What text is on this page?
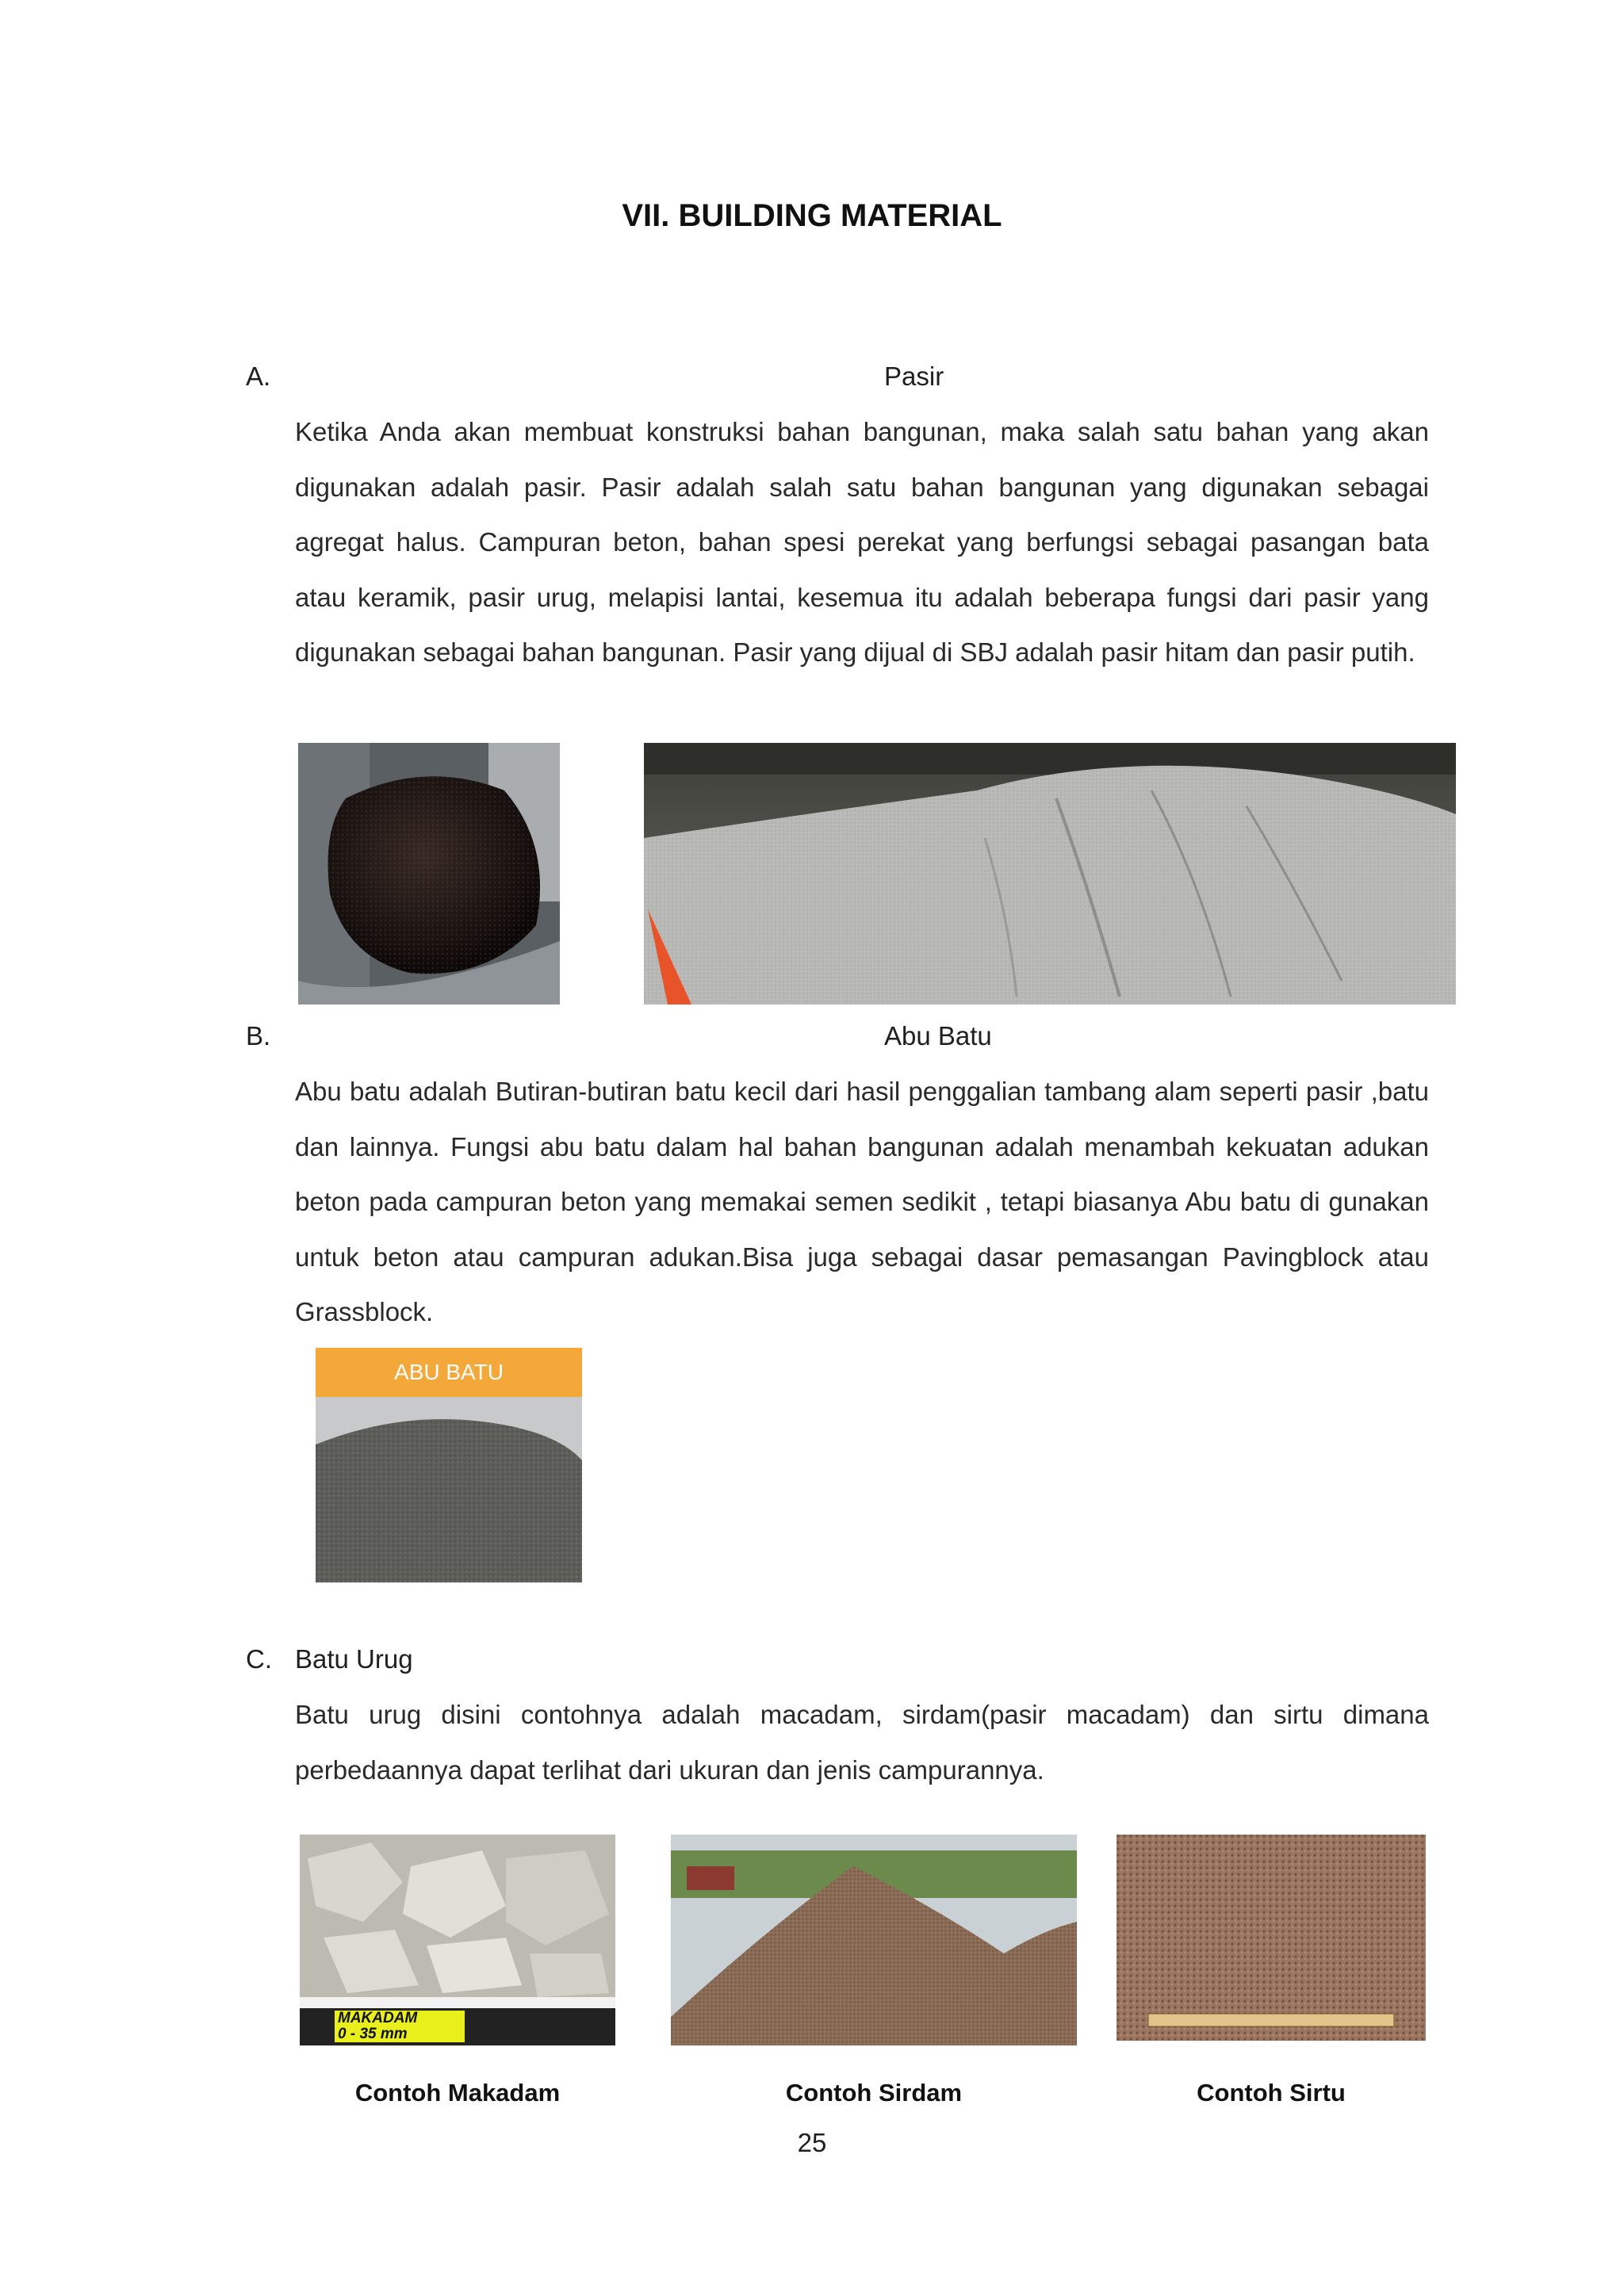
VII. BUILDING MATERIAL
A.	Pasir
Ketika Anda akan membuat konstruksi bahan bangunan, maka salah satu bahan yang akan digunakan adalah pasir. Pasir adalah salah satu bahan bangunan yang digunakan sebagai agregat halus. Campuran beton, bahan spesi perekat yang berfungsi sebagai pasangan bata atau keramik, pasir urug, melapisi lantai, kesemua itu adalah beberapa fungsi dari pasir yang digunakan sebagai bahan bangunan. Pasir yang dijual di SBJ adalah pasir hitam dan pasir putih.
B.	Abu Batu
Abu batu adalah Butiran-butiran batu kecil dari hasil penggalian tambang alam seperti pasir ,batu dan lainnya. Fungsi abu batu dalam hal bahan bangunan adalah menambah kekuatan adukan beton pada campuran beton yang memakai semen sedikit , tetapi biasanya Abu batu di gunakan untuk beton atau campuran adukan.Bisa juga sebagai dasar pemasangan Pavingblock atau Grassblock.
ABU BATU
C. Batu Urug
Batu urug disini contohnya adalah macadam, sirdam(pasir macadam) dan sirtu dimana perbedaannya dapat terlihat dari ukuran dan jenis campurannya.
MAKADAM
0 - 35 mm
Contoh Makadam	Contoh Sirdam	Contoh Sirtu
25
